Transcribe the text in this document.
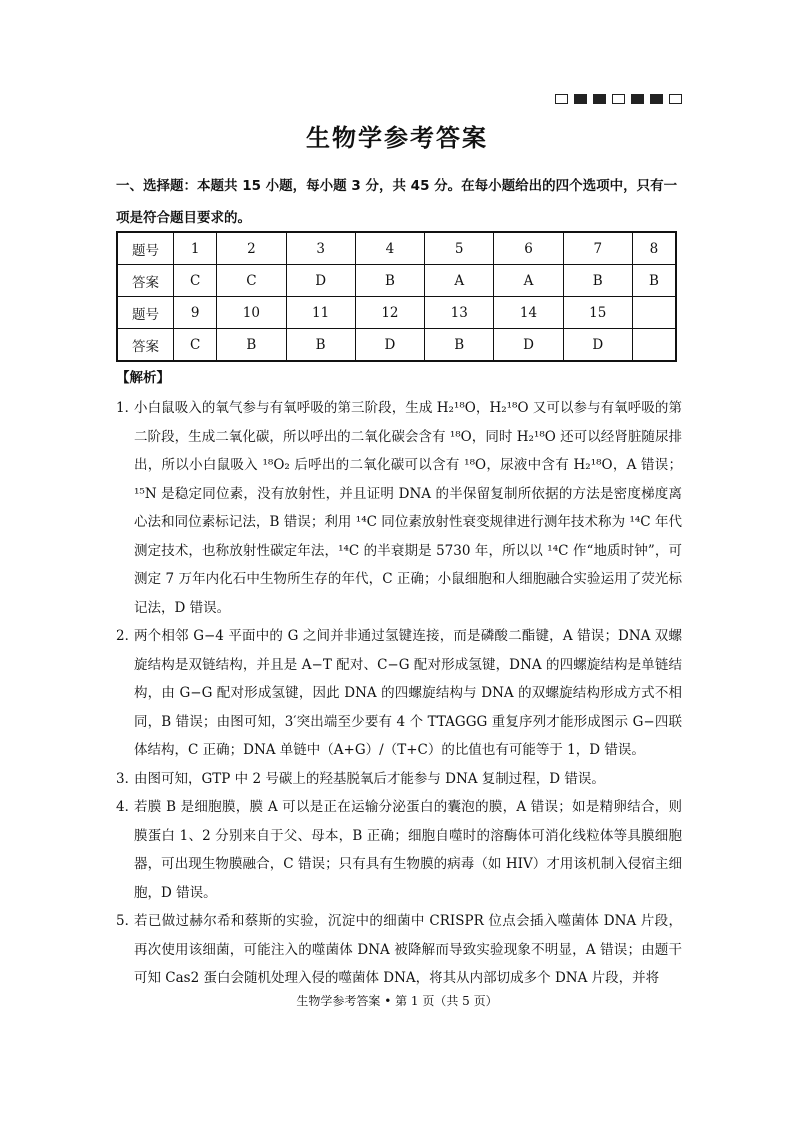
生物学参考答案
一、选择题：本题共 15 小题，每小题 3 分，共 45 分。在每小题给出的四个选项中，只有一项是符合题目要求的。
题号	1	2	3	4	5	6	7	8
答案	C	C	D	B	A	A	B	B
题号	9	10	11	12	13	14	15	
答案	C	B	B	D	B	D	D	
【解析】
1．
小白鼠吸入的氧气参与有氧呼吸的第三阶段，生成 H₂¹⁸O，H₂¹⁸O 又可以参与有氧呼吸的第二阶段，生成二氧化碳，所以呼出的二氧化碳会含有 ¹⁸O，同时 H₂¹⁸O 还可以经肾脏随尿排出，所以小白鼠吸入 ¹⁸O₂ 后呼出的二氧化碳可以含有 ¹⁸O，尿液中含有 H₂¹⁸O，A 错误；¹⁵N 是稳定同位素，没有放射性，并且证明 DNA 的半保留复制所依据的方法是密度梯度离心法和同位素标记法，B 错误；利用 ¹⁴C 同位素放射性衰变规律进行测年技术称为 ¹⁴C 年代测定技术，也称放射性碳定年法，¹⁴C 的半衰期是 5730 年，所以以 ¹⁴C 作“地质时钟”，可测定 7 万年内化石中生物所生存的年代，C 正确；小鼠细胞和人细胞融合实验运用了荧光标记法，D 错误。
2．
两个相邻 G−4 平面中的 G 之间并非通过氢键连接，而是磷酸二酯键，A 错误；DNA 双螺旋结构是双链结构，并且是 A−T 配对、C−G 配对形成氢键，DNA 的四螺旋结构是单链结构，由 G−G 配对形成氢键，因此 DNA 的四螺旋结构与 DNA 的双螺旋结构形成方式不相同，B 错误；由图可知，3′突出端至少要有 4 个 TTAGGG 重复序列才能形成图示 G−四联体结构，C 正确；DNA 单链中（A+G）/（T+C）的比值也有可能等于 1，D 错误。
3．
由图可知，GTP 中 2 号碳上的羟基脱氧后才能参与 DNA 复制过程，D 错误。
4．
若膜 B 是细胞膜，膜 A 可以是正在运输分泌蛋白的囊泡的膜，A 错误；如是精卵结合，则膜蛋白 1、2 分别来自于父、母本，B 正确；细胞自噬时的溶酶体可消化线粒体等具膜细胞器，可出现生物膜融合，C 错误；只有具有生物膜的病毒（如 HIV）才用该机制入侵宿主细胞，D 错误。
5．
若已做过赫尔希和蔡斯的实验，沉淀中的细菌中 CRISPR 位点会插入噬菌体 DNA 片段，再次使用该细菌，可能注入的噬菌体 DNA 被降解而导致实验现象不明显，A 错误；由题干可知 Cas2 蛋白会随机处理入侵的噬菌体 DNA，将其从内部切成多个 DNA 片段，并将
生物学参考答案 • 第 1 页（共 5 页）
